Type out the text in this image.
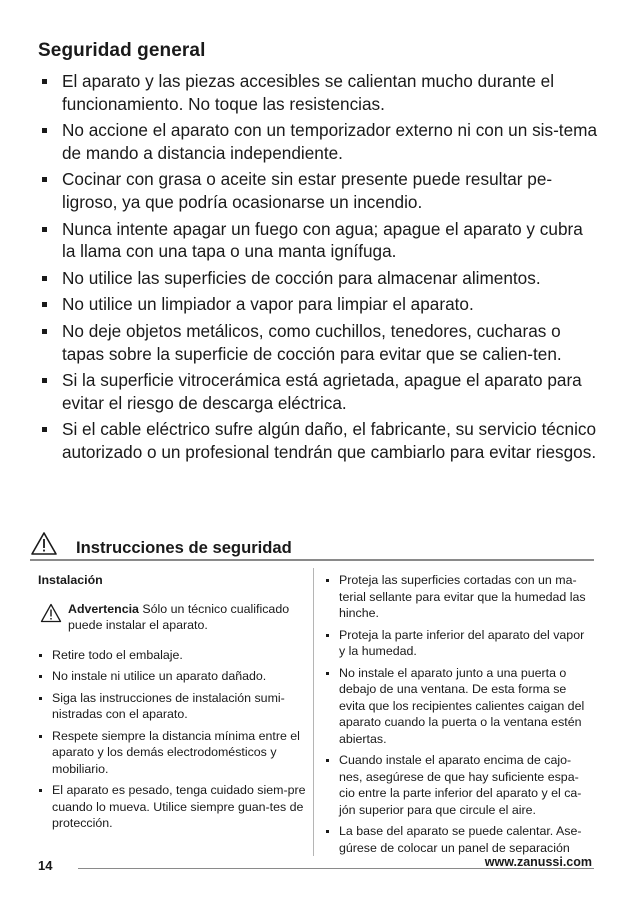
Seguridad general
El aparato y las piezas accesibles se calientan mucho durante el funcionamiento. No toque las resistencias.
No accione el aparato con un temporizador externo ni con un sis-tema de mando a distancia independiente.
Cocinar con grasa o aceite sin estar presente puede resultar pe-ligroso, ya que podría ocasionarse un incendio.
Nunca intente apagar un fuego con agua; apague el aparato y cubra la llama con una tapa o una manta ignífuga.
No utilice las superficies de cocción para almacenar alimentos.
No utilice un limpiador a vapor para limpiar el aparato.
No deje objetos metálicos, como cuchillos, tenedores, cucharas o tapas sobre la superficie de cocción para evitar que se calien-ten.
Si la superficie vitrocerámica está agrietada, apague el aparato para evitar el riesgo de descarga eléctrica.
Si el cable eléctrico sufre algún daño, el fabricante, su servicio técnico autorizado o un profesional tendrán que cambiarlo para evitar riesgos.
Instrucciones de seguridad
Instalación
Advertencia Sólo un técnico cualificado puede instalar el aparato.
Retire todo el embalaje.
No instale ni utilice un aparato dañado.
Siga las instrucciones de instalación sumi-nistradas con el aparato.
Respete siempre la distancia mínima entre el aparato y los demás electrodomésticos y mobiliario.
El aparato es pesado, tenga cuidado siem-pre cuando lo mueva. Utilice siempre guan-tes de protección.
Proteja las superficies cortadas con un ma-terial sellante para evitar que la humedad las hinche.
Proteja la parte inferior del aparato del vapor y la humedad.
No instale el aparato junto a una puerta o debajo de una ventana. De esta forma se evita que los recipientes calientes caigan del aparato cuando la puerta o la ventana estén abiertas.
Cuando instale el aparato encima de cajo-nes, asegúrese de que hay suficiente espa-cio entre la parte inferior del aparato y el ca-jón superior para que circule el aire.
La base del aparato se puede calentar. Ase-gúrese de colocar un panel de separación
14	www.zanussi.com
